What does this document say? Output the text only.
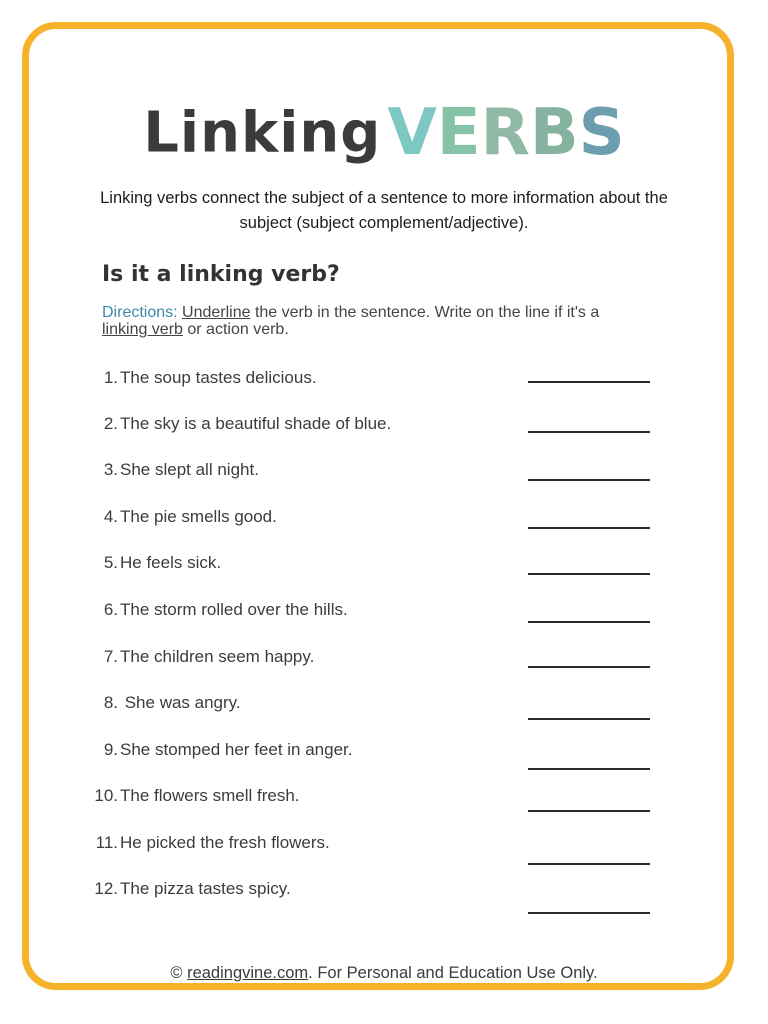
LinkingVERBS
Linking verbs connect the subject of a sentence to more information about the subject (subject complement/adjective).
Is it a linking verb?
Directions: Underline the verb in the sentence. Write on the line if it's a linking verb or action verb.
1. The soup tastes delicious.
2. The sky is a beautiful shade of blue.
3. She slept all night.
4. The pie smells good.
5. He feels sick.
6. The storm rolled over the hills.
7. The children seem happy.
8. She was angry.
9. She stomped her feet in anger.
10. The flowers smell fresh.
11. He picked the fresh flowers.
12. The pizza tastes spicy.
© readingvine.com. For Personal and Education Use Only.
